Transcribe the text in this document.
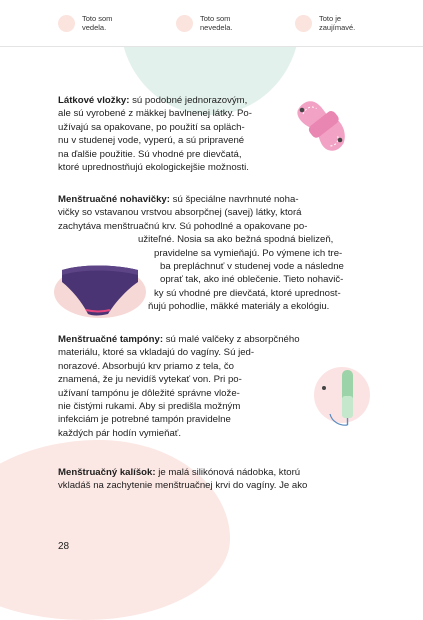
Toto som
vedela.
Toto som
nevedela.
Toto je
zaujímavé.
Látkové vložky: sú podobné jednorazovým,
ale sú vyrobené z mäkkej bavlnenej látky. Po-
užívajú sa opakovane, po použití sa opläch-
nu v studenej vode, vyperú, a sú pripravené
na ďalšie použitie. Sú vhodné pre dievčatá,
ktoré uprednostňujú ekologickejšie možnosti.
Menštruačné nohavičky: sú špeciálne navrhnuté noha-
vičky so vstavanou vrstvou absorpčnej (savej) látky, ktorá
zachytáva menštruačnú krv. Sú pohodlné a opakovane po-
užiteľné. Nosia sa ako bežná spodná bielizeň,
pravidelne sa vymieňajú. Po výmene ich tre-
ba prepláchnuť v studenej vode a následne
oprať tak, ako iné oblečenie. Tieto nohavič-
ky sú vhodné pre dievčatá, ktoré uprednost-
ňujú pohodlie, mäkké materiály a ekológiu.
Menštruačné tampóny: sú malé valčeky z absorpčného
materiálu, ktoré sa vkladajú do vagíny. Sú jed-
norazové. Absorbujú krv priamo z tela, čo
znamená, že ju nevidíš vytekať von. Pri po-
užívaní tampónu je dôležité správne vlože-
nie čistými rukami. Aby si predišla možným
infekciám je potrebné tampón pravidelne
každých pár hodín vymieňať.
Menštruačný kalíšok: je malá silikónová nádobka, ktorú
vkladáš na zachytenie menštruačnej krvi do vagíny. Je ako
28
